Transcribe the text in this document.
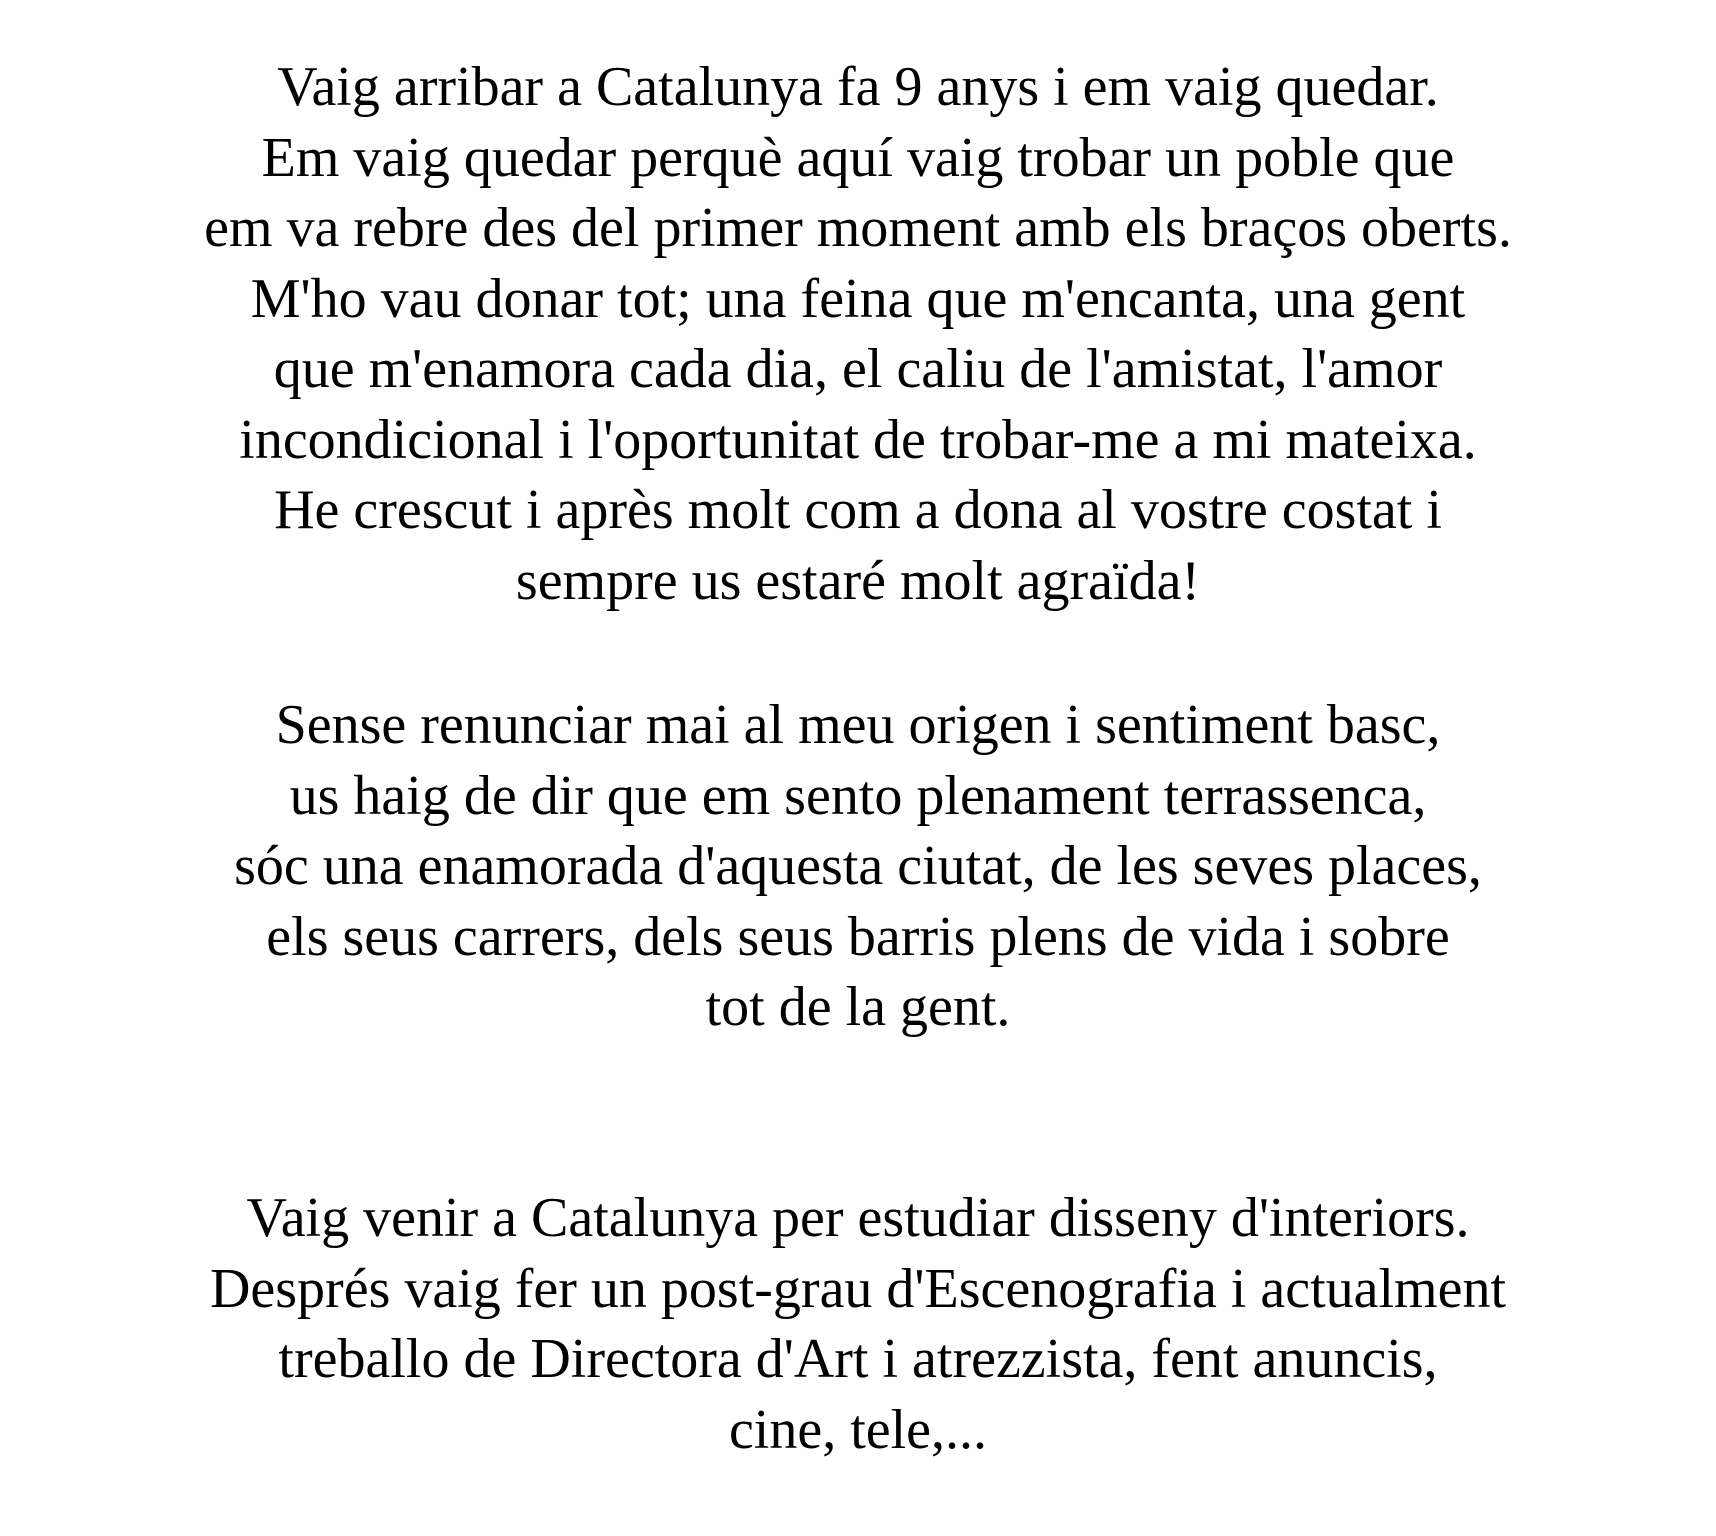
Vaig arribar a Catalunya fa 9 anys i em vaig quedar.
Em vaig quedar perquè aquí vaig trobar un poble que
em va rebre des del primer moment amb els braços oberts.
M'ho vau donar tot; una feina que m'encanta, una gent
que m'enamora cada dia, el caliu de l'amistat, l'amor
incondicional i l'oportunitat de trobar-me a mi mateixa.
He crescut i après molt com a dona al vostre costat i
sempre us estaré molt agraïda!

Sense renunciar mai al meu origen i sentiment basc,
us haig de dir que em sento plenament terrassenca,
sóc una enamorada d'aquesta ciutat, de les seves places,
els seus carrers, dels seus barris plens de vida i sobre
tot de la gent.

Vaig venir a Catalunya per estudiar disseny d'interiors.
Després vaig fer un post-grau d'Escenografia i actualment
treballo de Directora d'Art i atrezzista, fent anuncis,
cine, tele,...
